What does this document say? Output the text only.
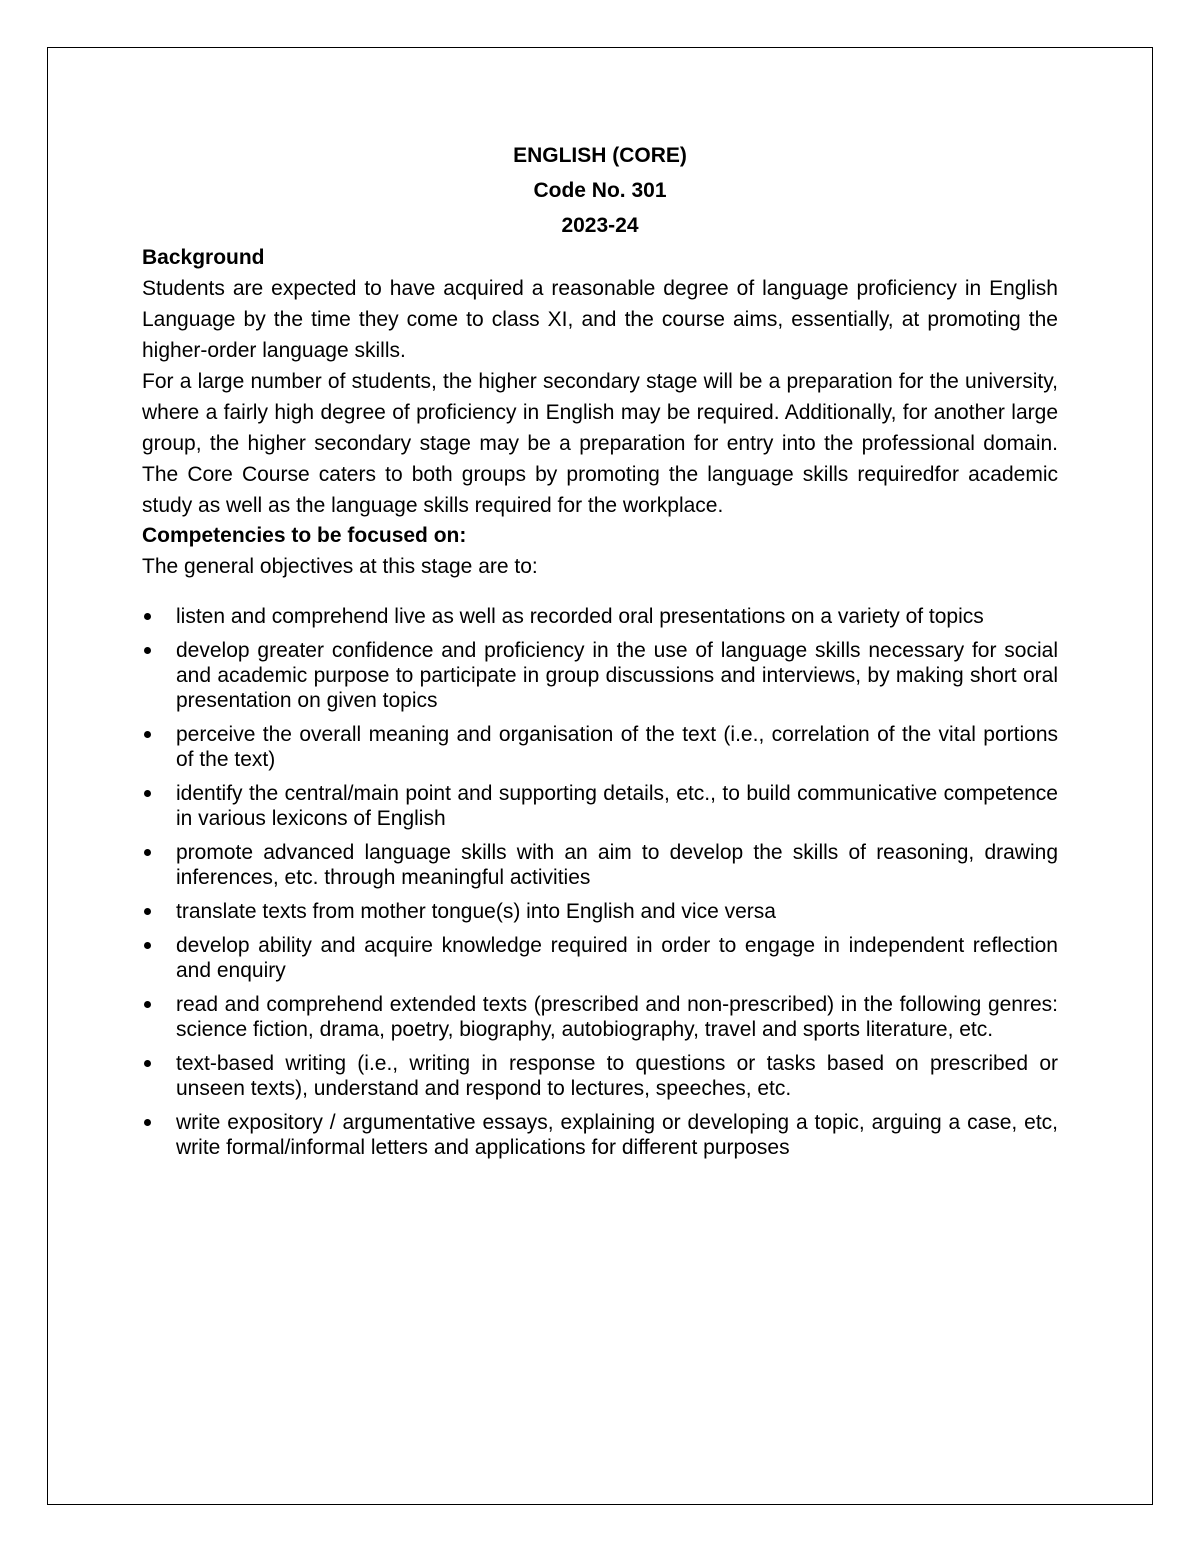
ENGLISH (CORE)
Code No. 301
2023-24
Background

Students are expected to have acquired a reasonable degree of language proficiency in English Language by the time they come to class XI, and the course aims, essentially, at promoting the higher-order language skills.

For a large number of students, the higher secondary stage will be a preparation for the university, where a fairly high degree of proficiency in English may be required. Additionally, for another large group, the higher secondary stage may be a preparation for entry into the professional domain. The Core Course caters to both groups by promoting the language skills requiredfor academic study as well as the language skills required for the workplace.

Competencies to be focused on:

The general objectives at this stage are to:

listen and comprehend live as well as recorded oral presentations on a variety of topics
develop greater confidence and proficiency in the use of language skills necessary for social and academic purpose to participate in group discussions and interviews, by making short oral presentation on given topics
perceive the overall meaning and organisation of the text (i.e., correlation of the vital portions of the text)
identify the central/main point and supporting details, etc., to build communicative competence in various lexicons of English
promote advanced language skills with an aim to develop the skills of reasoning, drawing inferences, etc. through meaningful activities
translate texts from mother tongue(s) into English and vice versa
develop ability and acquire knowledge required in order to engage in independent reflection and enquiry
read and comprehend extended texts (prescribed and non-prescribed) in the following genres: science fiction, drama, poetry, biography, autobiography, travel and sports literature, etc.
text-based writing (i.e., writing in response to questions or tasks based on prescribed or unseen texts), understand and respond to lectures, speeches, etc.
write expository / argumentative essays, explaining or developing a topic, arguing a case, etc, write formal/informal letters and applications for different purposes
